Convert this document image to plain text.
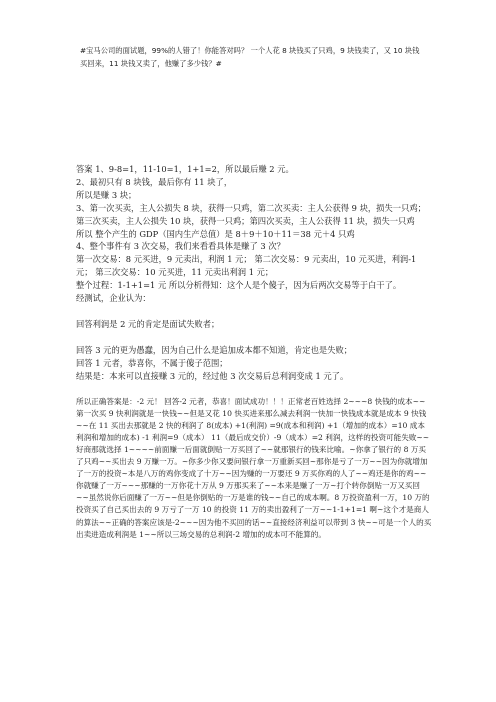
#宝马公司的面试题，99%的人错了！你能答对吗？ 一个人花 8 块钱买了只鸡，9 块钱卖了，又 10 块钱买回来，11 块钱又卖了，他赚了多少钱？#

答案 1、9-8=1，11-10=1，1+1=2，所以最后赚 2 元。

2、最初只有 8 块钱，最后你有 11 块了，

所以是赚 3 块；

3、第一次买卖，主人公损失 8 块，获得一只鸡，第二次买卖：主人公获得 9 块，损失一只鸡；第三次买卖，主人公损失 10 块，获得一只鸡；第四次买卖，主人公获得 11 块，损失一只鸡

所以 整个产生的 GDP（国内生产总值）是 8＋9＋10＋11＝38 元＋4 只鸡

4、整个事件有 3 次交易，我们来看看具体是赚了 3 次？

第一次交易：8 元买进，9 元卖出，利润 1 元； 第二次交易：9 元卖出，10 元买进，利润-1 元； 第三次交易：10 元买进，11 元卖出利润 1 元；

整个过程：1-1+1=1 元 所以分析得知：这个人是个傻子，因为后两次交易等于白干了。

经测试，企业认为：

回答利润是 2 元的肯定是面试失败者；

回答 3 元的更为愚蠢，因为自己什么是追加成本都不知道，肯定也是失败；

回答 1 元者，恭喜你，不属于傻子范围；

结果是：本来可以直接赚 3 元的，经过他 3 次交易后总利润变成 1 元了。

所以正确答案是：-2 元！ 回答-2 元者，恭喜！面试成功！！！正常老百姓选择 2~~~8 快钱的成本~~第一次买 9 快利润就是一快钱~~但是又花 10 快买进来那么减去利润一快加一快钱成本就是成本 9 快钱~~在 11 买出去那就是 2 快的利润了 8(成本) +1(利润) =9(成本和利润) +1（增加的成本）=10 成本利润和增加的成本) -1 利润=9（成本） 11（最后成交价）-9（成本）=2 利润，这样的投资可能失败~~好商那就选择 1~~~~前面赚一后面就倒贴一万买回了~~就那银行的钱来比喻。~你拿了银行的 8 万买了只鸡~~买出去 9 万赚一万。~你多少你又要问银行拿一万重新买回~那你是亏了一万~~因为你就增加了一万的投资~本是八万的鸡你变成了十万~~因为赚的一万要还 9 万买你鸡的人了~~鸡还是你的鸡~~你就赚了一万~~~那赚的一万你花十万从 9 万那买来了~~本来是赚了一万~打个转你倒贴一万又买回~~虽然说你后面赚了一万~~但是你倒贴的一万是谁的钱~~自己的成本啊。8 万投资盈利一万，10 万的投资买了自己买出去的 9 万亏了一万 10 的投资 11 万的卖出盈利了一万~~1-1+1=1 啊~这个才是商人的算法~~正确的答案应该是-2~~~因为他不买回的话~~直接经济利益可以带到 3 快~~可是一个人的买出卖进造成利润是 1~~所以三场交易的总利润-2 增加的成本可不能算的。
